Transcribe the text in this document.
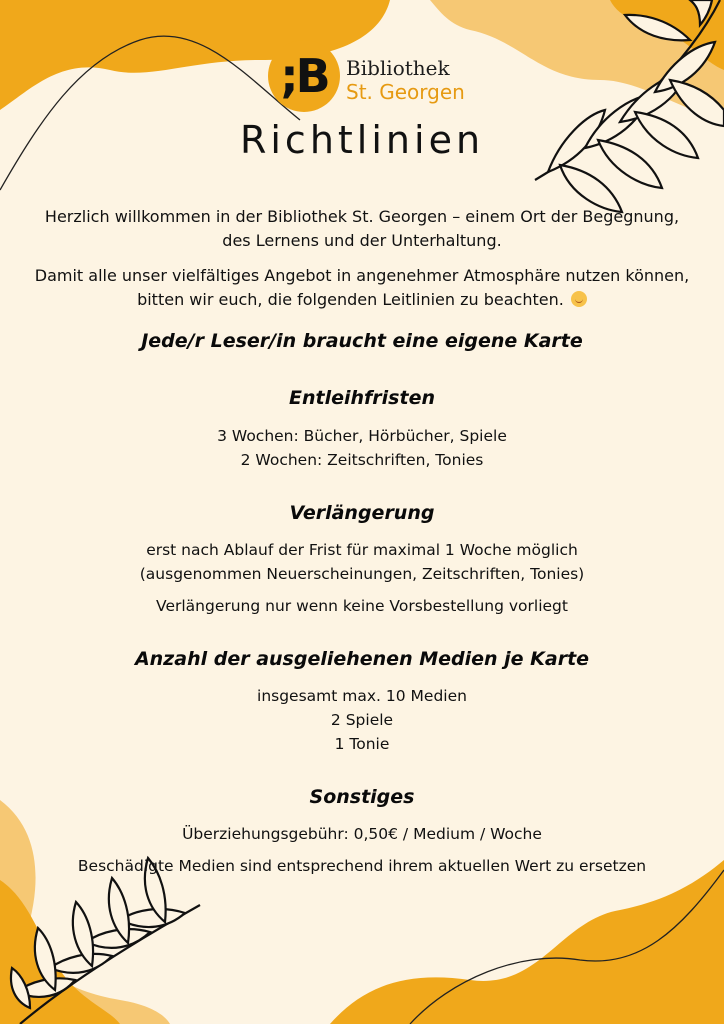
;B Bibliothek
St. Georgen
Richtlinien
Herzlich willkommen in der Bibliothek St. Georgen – einem Ort der Begegnung, des Lernens und der Unterhaltung.
Damit alle unser vielfältiges Angebot in angenehmer Atmosphäre nutzen können, bitten wir euch, die folgenden Leitlinien zu beachten.
Jede/r Leser/in braucht eine eigene Karte
Entleihfristen
3 Wochen: Bücher, Hörbücher, Spiele
2 Wochen: Zeitschriften, Tonies
Verlängerung
erst nach Ablauf der Frist für maximal 1 Woche möglich
(ausgenommen Neuerscheinungen, Zeitschriften, Tonies)
Verlängerung nur wenn keine Vorsbestellung vorliegt
Anzahl der ausgeliehenen Medien je Karte
insgesamt max. 10 Medien
2 Spiele
1 Tonie
Sonstiges
Überziehungsgebühr: 0,50€ / Medium / Woche
Beschädigte Medien sind entsprechend ihrem aktuellen Wert zu ersetzen
